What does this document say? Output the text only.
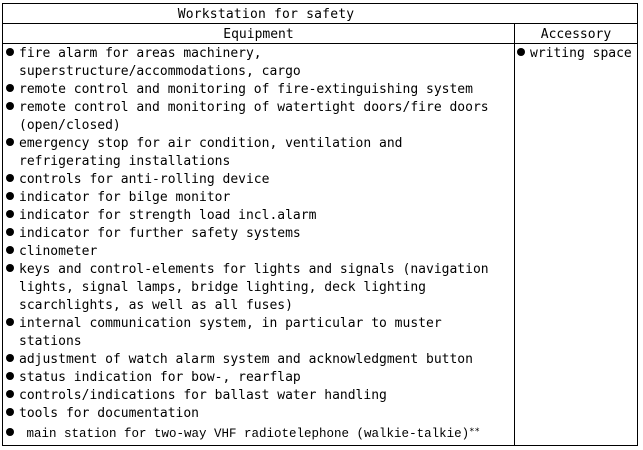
Workstation for safety
Equipment	Accessory
fire alarm for areas machinery,
superstructure/accommodations, cargo
remote control and monitoring of fire-extinguishing system
remote control and monitoring of watertight doors/fire doors
(open/closed)
emergency stop for air condition, ventilation and
refrigerating installations
controls for anti-rolling device
indicator for bilge monitor
indicator for strength load incl.alarm
indicator for further safety systems
clinometer
keys and control-elements for lights and signals (navigation
lights, signal lamps, bridge lighting, deck lighting
scarchlights, as well as all fuses)
internal communication system, in particular to muster
stations
adjustment of watch alarm system and acknowledgment button
status indication for bow-, rearflap
controls/indications for ballast water handling
tools for documentation
main station for two-way VHF radiotelephone (walkie-talkie)**
writing space
